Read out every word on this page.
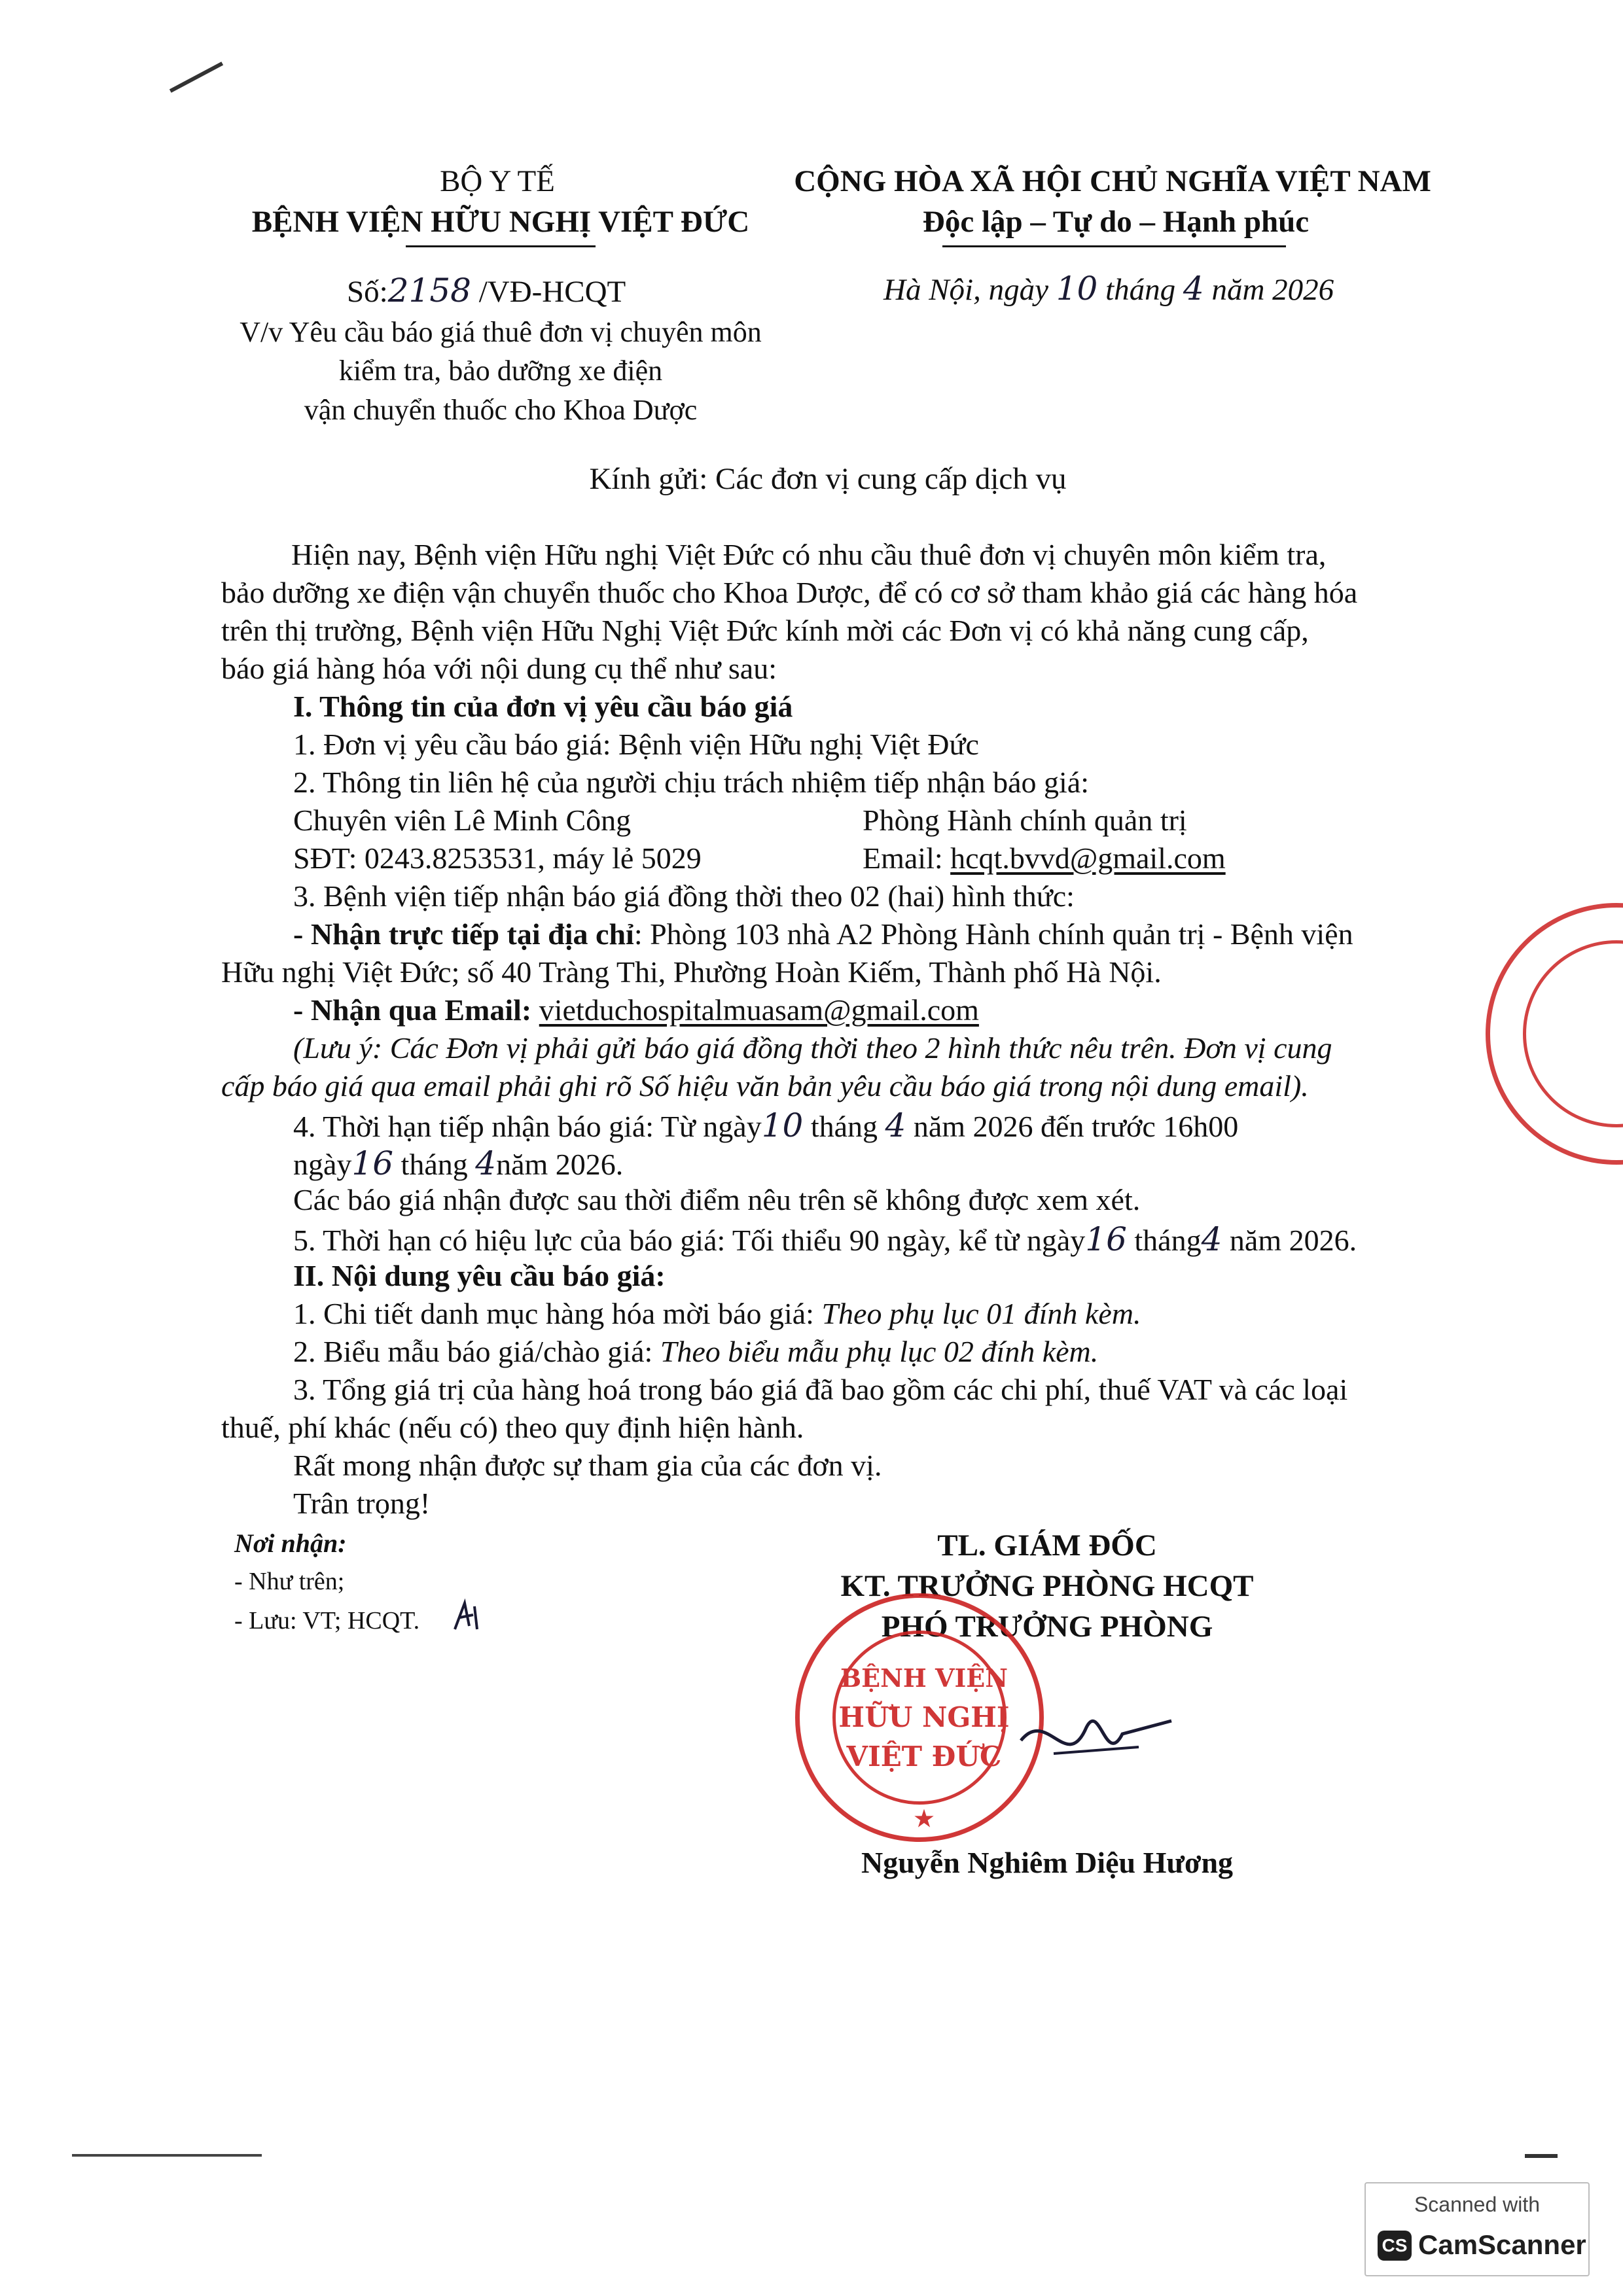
BỘ Y TẾ
BỆNH VIỆN HỮU NGHỊ VIỆT ĐỨC
Số:2158 /VĐ-HCQT
V/v Yêu cầu báo giá thuê đơn vị chuyên môn
kiểm tra, bảo dưỡng xe điện
vận chuyển thuốc cho Khoa Dược
CỘNG HÒA XÃ HỘI CHỦ NGHĨA VIỆT NAM
Độc lập – Tự do – Hạnh phúc
Hà Nội, ngày 10 tháng 4 năm 2026
Kính gửi: Các đơn vị cung cấp dịch vụ
Hiện nay, Bệnh viện Hữu nghị Việt Đức có nhu cầu thuê đơn vị chuyên môn kiểm tra,
bảo dưỡng xe điện vận chuyển thuốc cho Khoa Dược, để có cơ sở tham khảo giá các hàng hóa
trên thị trường, Bệnh viện Hữu Nghị Việt Đức kính mời các Đơn vị có khả năng cung cấp,
báo giá hàng hóa với nội dung cụ thể như sau:
I. Thông tin của đơn vị yêu cầu báo giá
1. Đơn vị yêu cầu báo giá: Bệnh viện Hữu nghị Việt Đức
2. Thông tin liên hệ của người chịu trách nhiệm tiếp nhận báo giá:
Chuyên viên Lê Minh Công	Phòng Hành chính quản trị
SĐT: 0243.8253531, máy lẻ 5029	Email: hcqt.bvvd@gmail.com
3. Bệnh viện tiếp nhận báo giá đồng thời theo 02 (hai) hình thức:
- Nhận trực tiếp tại địa chỉ: Phòng 103 nhà A2 Phòng Hành chính quản trị - Bệnh viện
Hữu nghị Việt Đức; số 40 Tràng Thi, Phường Hoàn Kiếm, Thành phố Hà Nội.
- Nhận qua Email: vietduchospitalmuasam@gmail.com
(Lưu ý: Các Đơn vị phải gửi báo giá đồng thời theo 2 hình thức nêu trên. Đơn vị cung
cấp báo giá qua email phải ghi rõ Số hiệu văn bản yêu cầu báo giá trong nội dung email).
4. Thời hạn tiếp nhận báo giá: Từ ngày10 tháng 4 năm 2026 đến trước 16h00
ngày16 tháng 4năm 2026.
Các báo giá nhận được sau thời điểm nêu trên sẽ không được xem xét.
5. Thời hạn có hiệu lực của báo giá: Tối thiểu 90 ngày, kể từ ngày16 tháng4 năm 2026.
II. Nội dung yêu cầu báo giá:
1. Chi tiết danh mục hàng hóa mời báo giá: Theo phụ lục 01 đính kèm.
2. Biểu mẫu báo giá/chào giá: Theo biểu mẫu phụ lục 02 đính kèm.
3. Tổng giá trị của hàng hoá trong báo giá đã bao gồm các chi phí, thuế VAT và các loại
thuế, phí khác (nếu có) theo quy định hiện hành.
Rất mong nhận được sự tham gia của các đơn vị.
Trân trọng!
Nơi nhận:
- Như trên;
- Lưu: VT; HCQT.
TL. GIÁM ĐỐC
KT. TRƯỞNG PHÒNG HCQT
PHÓ TRƯỞNG PHÒNG
BỆNH VIỆN
HỮU NGHỊ
VIỆT ĐỨC
★
Nguyễn Nghiêm Diệu Hương
Scanned with
CS CamScanner
